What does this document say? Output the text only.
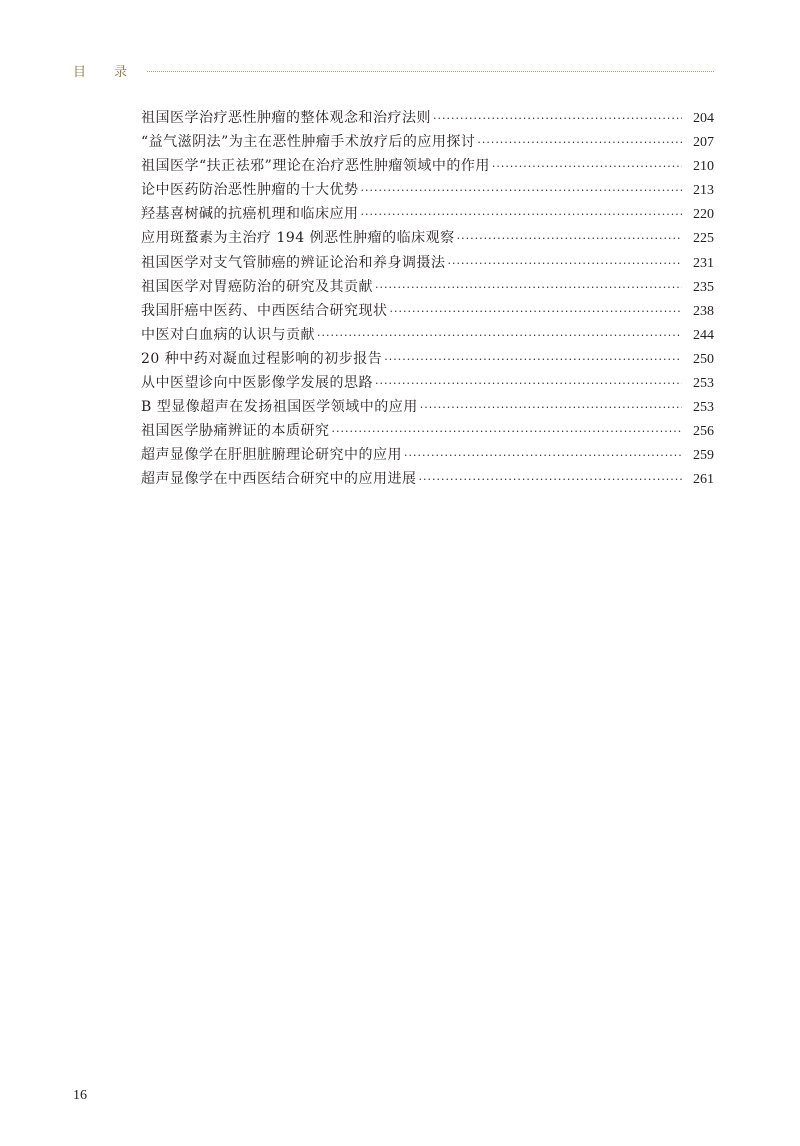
目 录
祖国医学治疗恶性肿瘤的整体观念和治疗法则 ·····	204
“益气滋阴法”为主在恶性肿瘤手术放疗后的应用探讨 ·····	207
祖国医学“扶正祛邪”理论在治疗恶性肿瘤领域中的作用 ·····	210
论中医药防治恶性肿瘤的十大优势 ·····	213
羟基喜树碱的抗癌机理和临床应用 ·····	220
应用斑蝥素为主治疗 194 例恶性肿瘤的临床观察 ·····	225
祖国医学对支气管肺癌的辨证论治和养身调摄法 ·····	231
祖国医学对胃癌防治的研究及其贡献 ·····	235
我国肝癌中医药、中西医结合研究现状 ·····	238
中医对白血病的认识与贡献 ·····	244
20 种中药对凝血过程影响的初步报告 ·····	250
从中医望诊向中医影像学发展的思路 ·····	253
B 型显像超声在发扬祖国医学领域中的应用 ·····	253
祖国医学胁痛辨证的本质研究 ·····	256
超声显像学在肝胆脏腑理论研究中的应用 ·····	259
超声显像学在中西医结合研究中的应用进展 ·····	261
16
